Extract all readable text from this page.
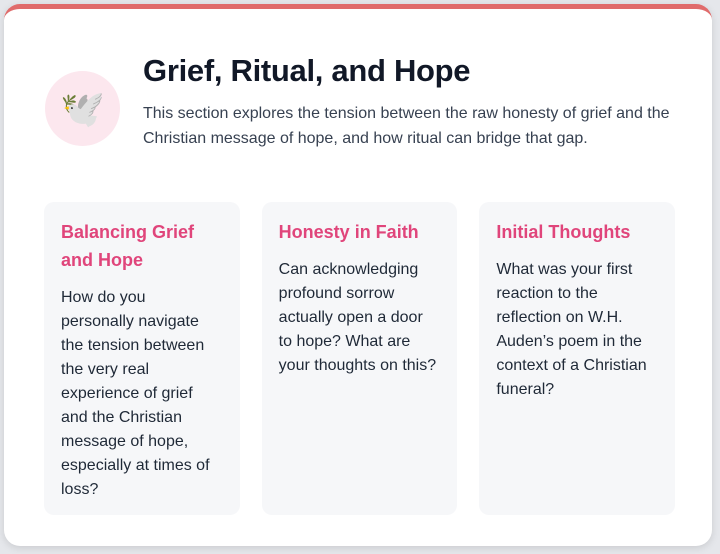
🕊️
Grief, Ritual, and Hope

This section explores the tension between the raw honesty of grief and the Christian message of hope, and how ritual can bridge that gap.

Balancing Grief and Hope

How do you personally navigate the tension between the very real experience of grief and the Christian message of hope, especially at times of loss?

Honesty in Faith

Can acknowledging profound sorrow actually open a door to hope? What are your thoughts on this?

Initial Thoughts

What was your first reaction to the reflection on W.H. Auden’s poem in the context of a Christian funeral?
